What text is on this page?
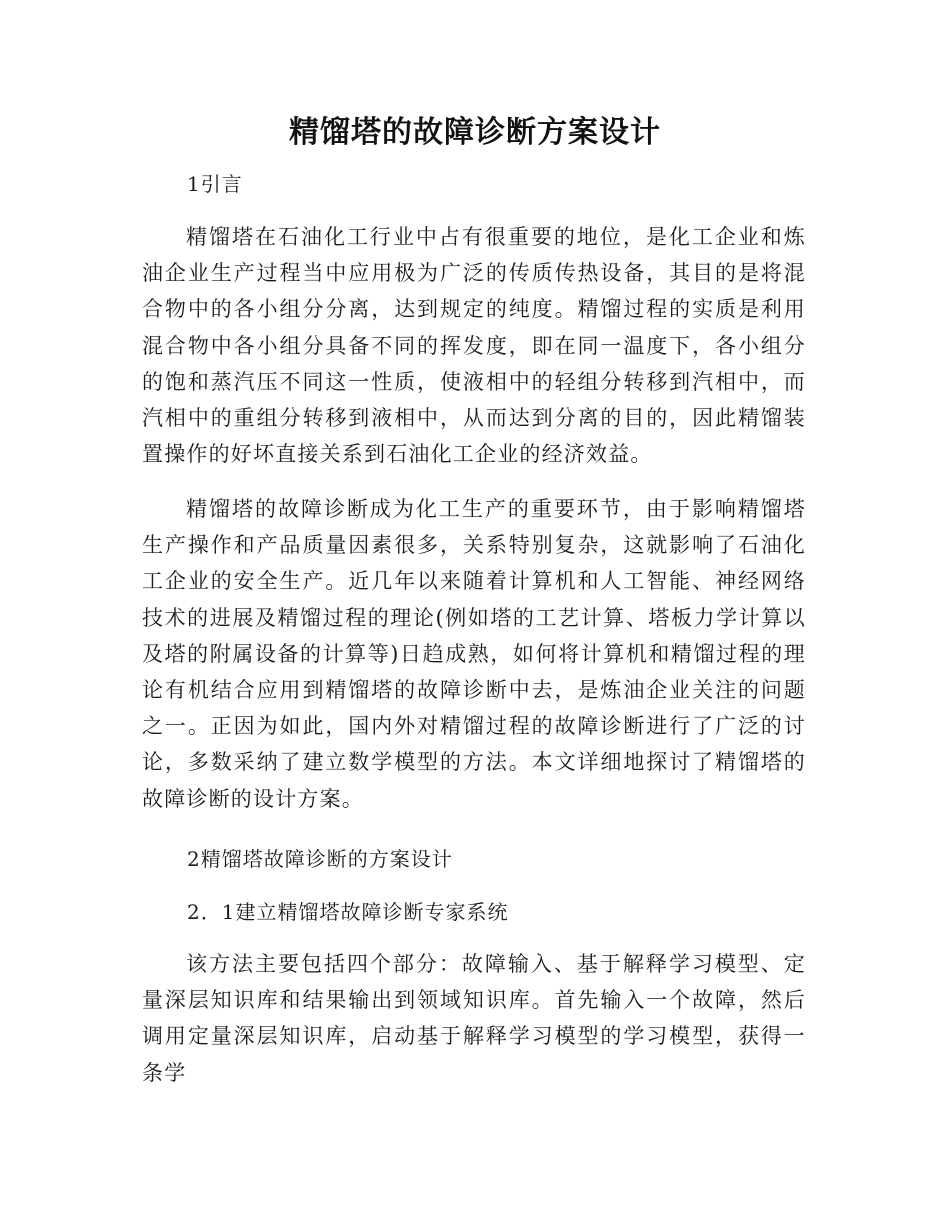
精馏塔的故障诊断方案设计
1引言

精馏塔在石油化工行业中占有很重要的地位，是化工企业和炼油企业生产过程当中应用极为广泛的传质传热设备，其目的是将混合物中的各小组分分离，达到规定的纯度。精馏过程的实质是利用混合物中各小组分具备不同的挥发度，即在同一温度下，各小组分的饱和蒸汽压不同这一性质，使液相中的轻组分转移到汽相中，而汽相中的重组分转移到液相中，从而达到分离的目的，因此精馏装置操作的好坏直接关系到石油化工企业的经济效益。

精馏塔的故障诊断成为化工生产的重要环节，由于影响精馏塔生产操作和产品质量因素很多，关系特别复杂，这就影响了石油化工企业的安全生产。近几年以来随着计算机和人工智能、神经网络技术的进展及精馏过程的理论(例如塔的工艺计算、塔板力学计算以及塔的附属设备的计算等)日趋成熟，如何将计算机和精馏过程的理论有机结合应用到精馏塔的故障诊断中去，是炼油企业关注的问题之一。正因为如此，国内外对精馏过程的故障诊断进行了广泛的讨论，多数采纳了建立数学模型的方法。本文详细地探讨了精馏塔的故障诊断的设计方案。

2精馏塔故障诊断的方案设计
2．1建立精馏塔故障诊断专家系统

该方法主要包括四个部分：故障输入、基于解释学习模型、定量深层知识库和结果输出到领域知识库。首先输入一个故障，然后调用定量深层知识库，启动基于解释学习模型的学习模型，获得一条学
